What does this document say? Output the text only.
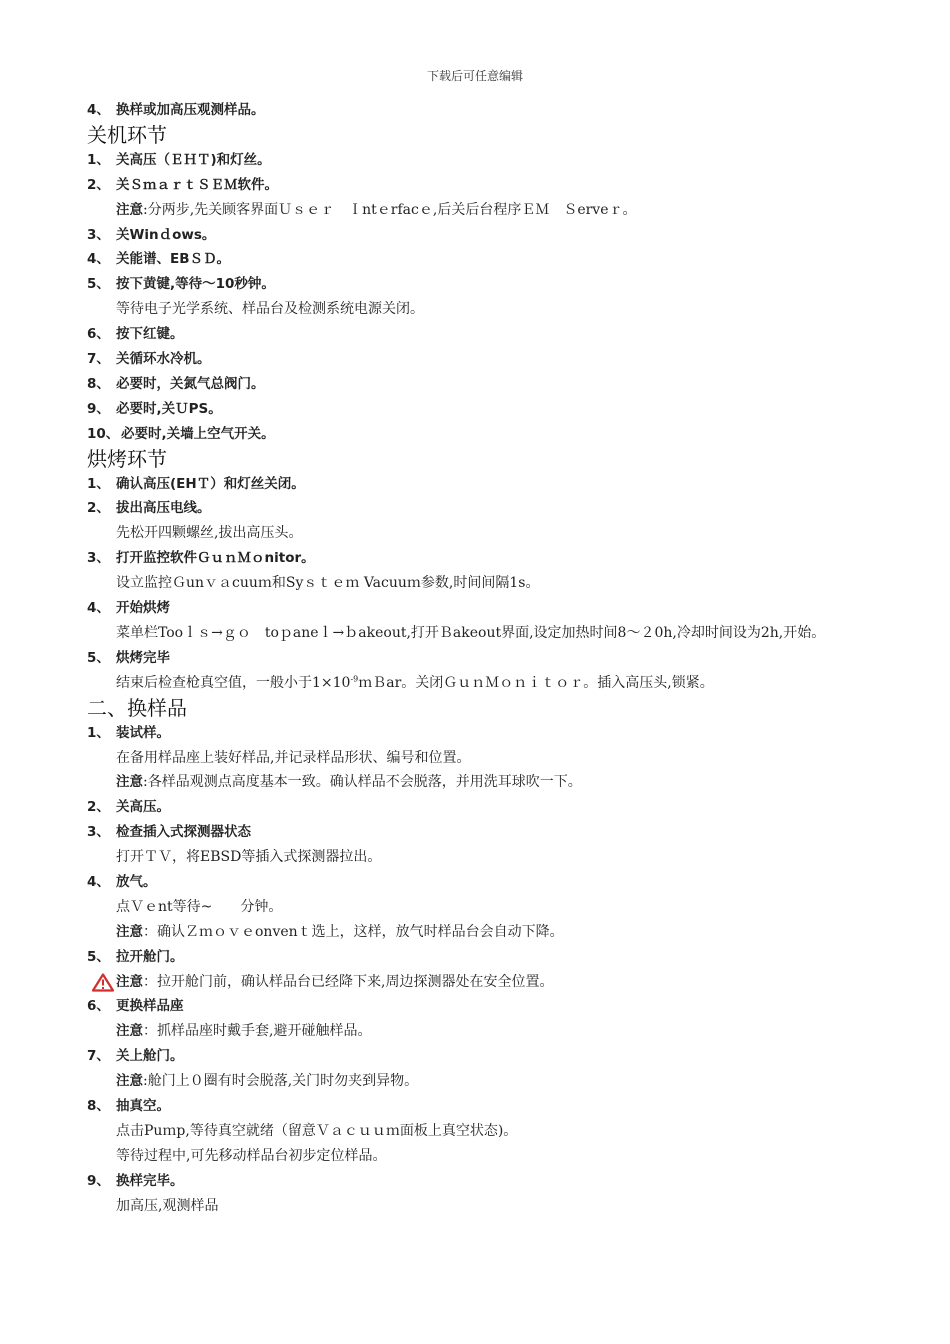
下载后可任意编辑
4、 换样或加高压观测样品。
关机环节
1、 关高压（ＥＨＴ)和灯丝。
2、 关ＳｍａｒｔＳＥＭ软件。
注意:分两步,先关顾客界面Ｕｓｅｒ　Ｉntｅrfacｅ,后关后台程序ＥＭ　Ｓerveｒ。
3、 关Winｄows。
4、 关能谱、EBＳＤ。
5、 按下黄键,等待～10秒钟。
等待电子光学系统、样品台及检测系统电源关闭。
6、 按下红键。
7、 关循环水冷机。
8、 必要时，关氮气总阀门。
9、 必要时,关ＵPS。
10、 必要时,关墙上空气开关。
烘烤环节
1、 确认高压(EHＴ）和灯丝关闭。
2、 拔出高压电线。
先松开四颗螺丝,拔出高压头。
3、 打开监控软件ＧｕｎＭｏnitor。
设立监控Ｇunｖａcuuｍ和Syｓｔｅｍ Vacuuｍ参数,时间间隔1s。
4、 开始烘烤
菜单栏Tooｌｓ→ｇｏ　toｐaneｌ→ｂakeout,打开Ｂakeout界面,设定加热时间8～２0h,冷却时间设为2h,开始。
5、 烘烤完毕
结束后检查枪真空值，一般小于$1\times 10^{-9}mBar$。关闭ＧｕｎＭｏｎｉｔｏｒ。插入高压头,锁紧。
二、换样品
1、 装试样。
在备用样品座上装好样品,并记录样品形状、编号和位置。
注意:各样品观测点高度基本一致。确认样品不会脱落，并用洗耳球吹一下。
2、 关高压。
3、 检查插入式探测器状态
打开ＴＶ，将EBSD等插入式探测器拉出。
4、 放气。
点Ｖｅnt等待~　　分钟。
注意：确认Ｚｍｏｖｅonvenｔ选上，这样，放气时样品台会自动下降。
5、 拉开舱门。
注意：拉开舱门前，确认样品台已经降下来,周边探测器处在安全位置。
6、 更换样品座
注意：抓样品座时戴手套,避开碰触样品。
7、 关上舱门。
注意:舱门上０圈有时会脱落,关门时勿夹到异物。
8、 抽真空。
点击Puｍp,等待真空就绪（留意Ｖａｃｕｕｍ面板上真空状态)。
等待过程中,可先移动样品台初步定位样品。
9、 换样完毕。
加高压,观测样品
